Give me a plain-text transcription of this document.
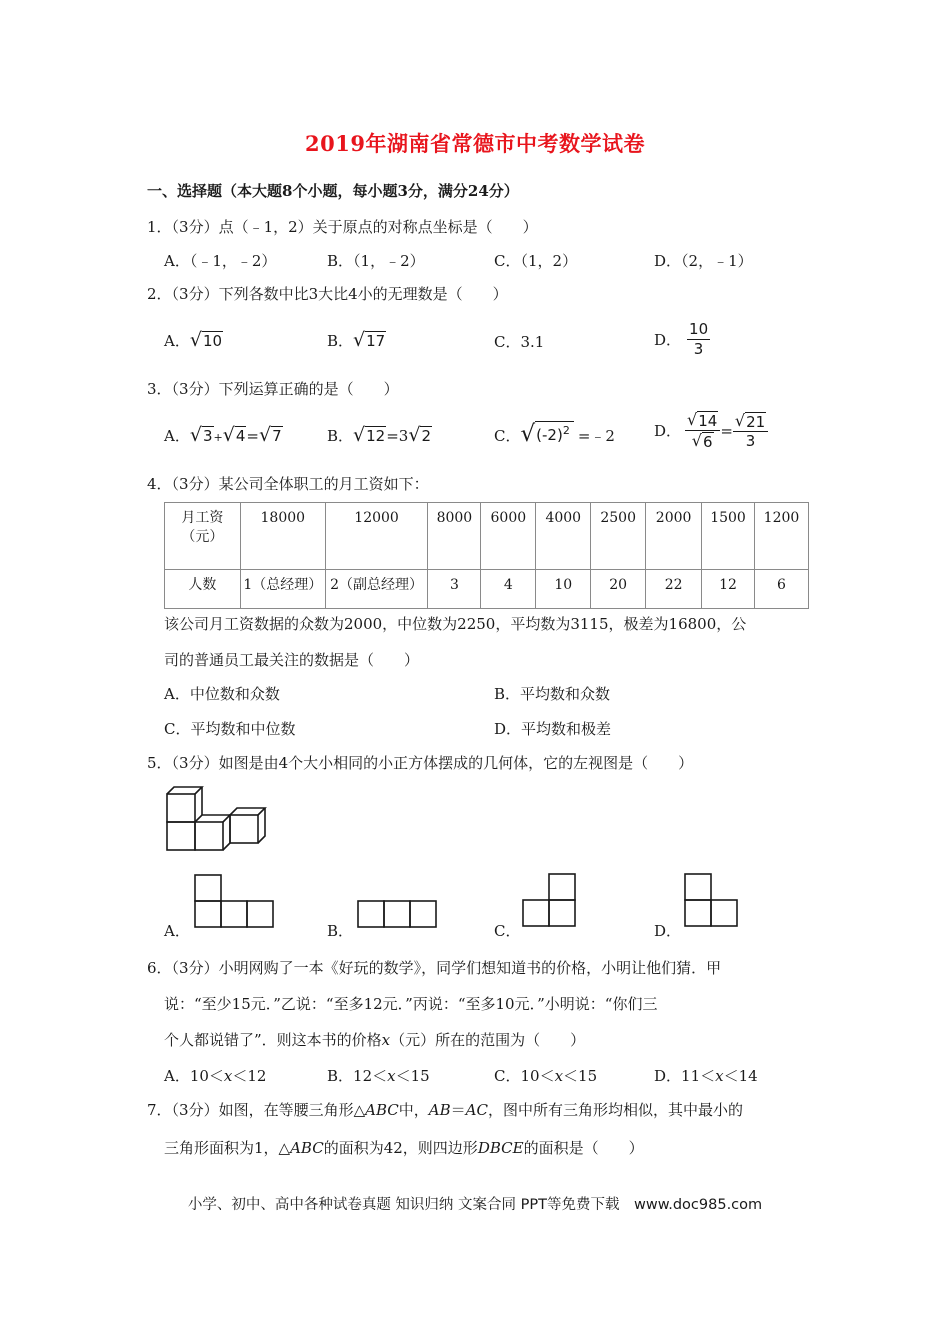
2019年湖南省常德市中考数学试卷
一、选择题（本大题8个小题，每小题3分，满分24分）
1．（3分）点（﹣1，2）关于原点的对称点坐标是（　　）
A．（﹣1，﹣2）	B．（1，﹣2）	C．（1，2）	D．（2，﹣1）
2．（3分）下列各数中比3大比4小的无理数是（　　）
A． √ 10	B． √ 17	C．3.1	D． $\frac{10}{3}$
3．（3分）下列运算正确的是（　　）
A． √ 3 + √ 4 = √ 7	B． √ 12 =3 √ 2	C． √ $(-2)^2$ =﹣2	D． $\frac{√ 14}{√ 6} = \frac{√ 21}{3}$
4．（3分）某公司全体职工的月工资如下：
月工资（元）	18000	12000	8000	6000	4000	2500	2000	1500	1200
人数	1（总经理）	2（副总经理）	3	4	10	20	22	12	6
该公司月工资数据的众数为2000，中位数为2250，平均数为3115，极差为16800，公
司的普通员工最关注的数据是（　　）
A．中位数和众数	B．平均数和众数
C．平均数和中位数	D．平均数和极差
5．（3分）如图是由4个大小相同的小正方体摆成的几何体，它的左视图是（　　）
A．	B．	C．	D．
6．（3分）小明网购了一本《好玩的数学》，同学们想知道书的价格，小明让他们猜．甲
说：“至少15元．”乙说：“至多12元．”丙说：“至多10元．”小明说：“你们三
个人都说错了”．则这本书的价格x（元）所在的范围为（　　）
A．10＜x＜12	B．12＜x＜15	C．10＜x＜15	D．11＜x＜14
7．（3分）如图，在等腰三角形△ABC中，AB＝AC，图中所有三角形均相似，其中最小的
三角形面积为1，△ABC的面积为42，则四边形DBCE的面积是（　　）
小学、初中、高中各种试卷真题 知识归纳 文案合同 PPT等免费下载　www.doc985.com
